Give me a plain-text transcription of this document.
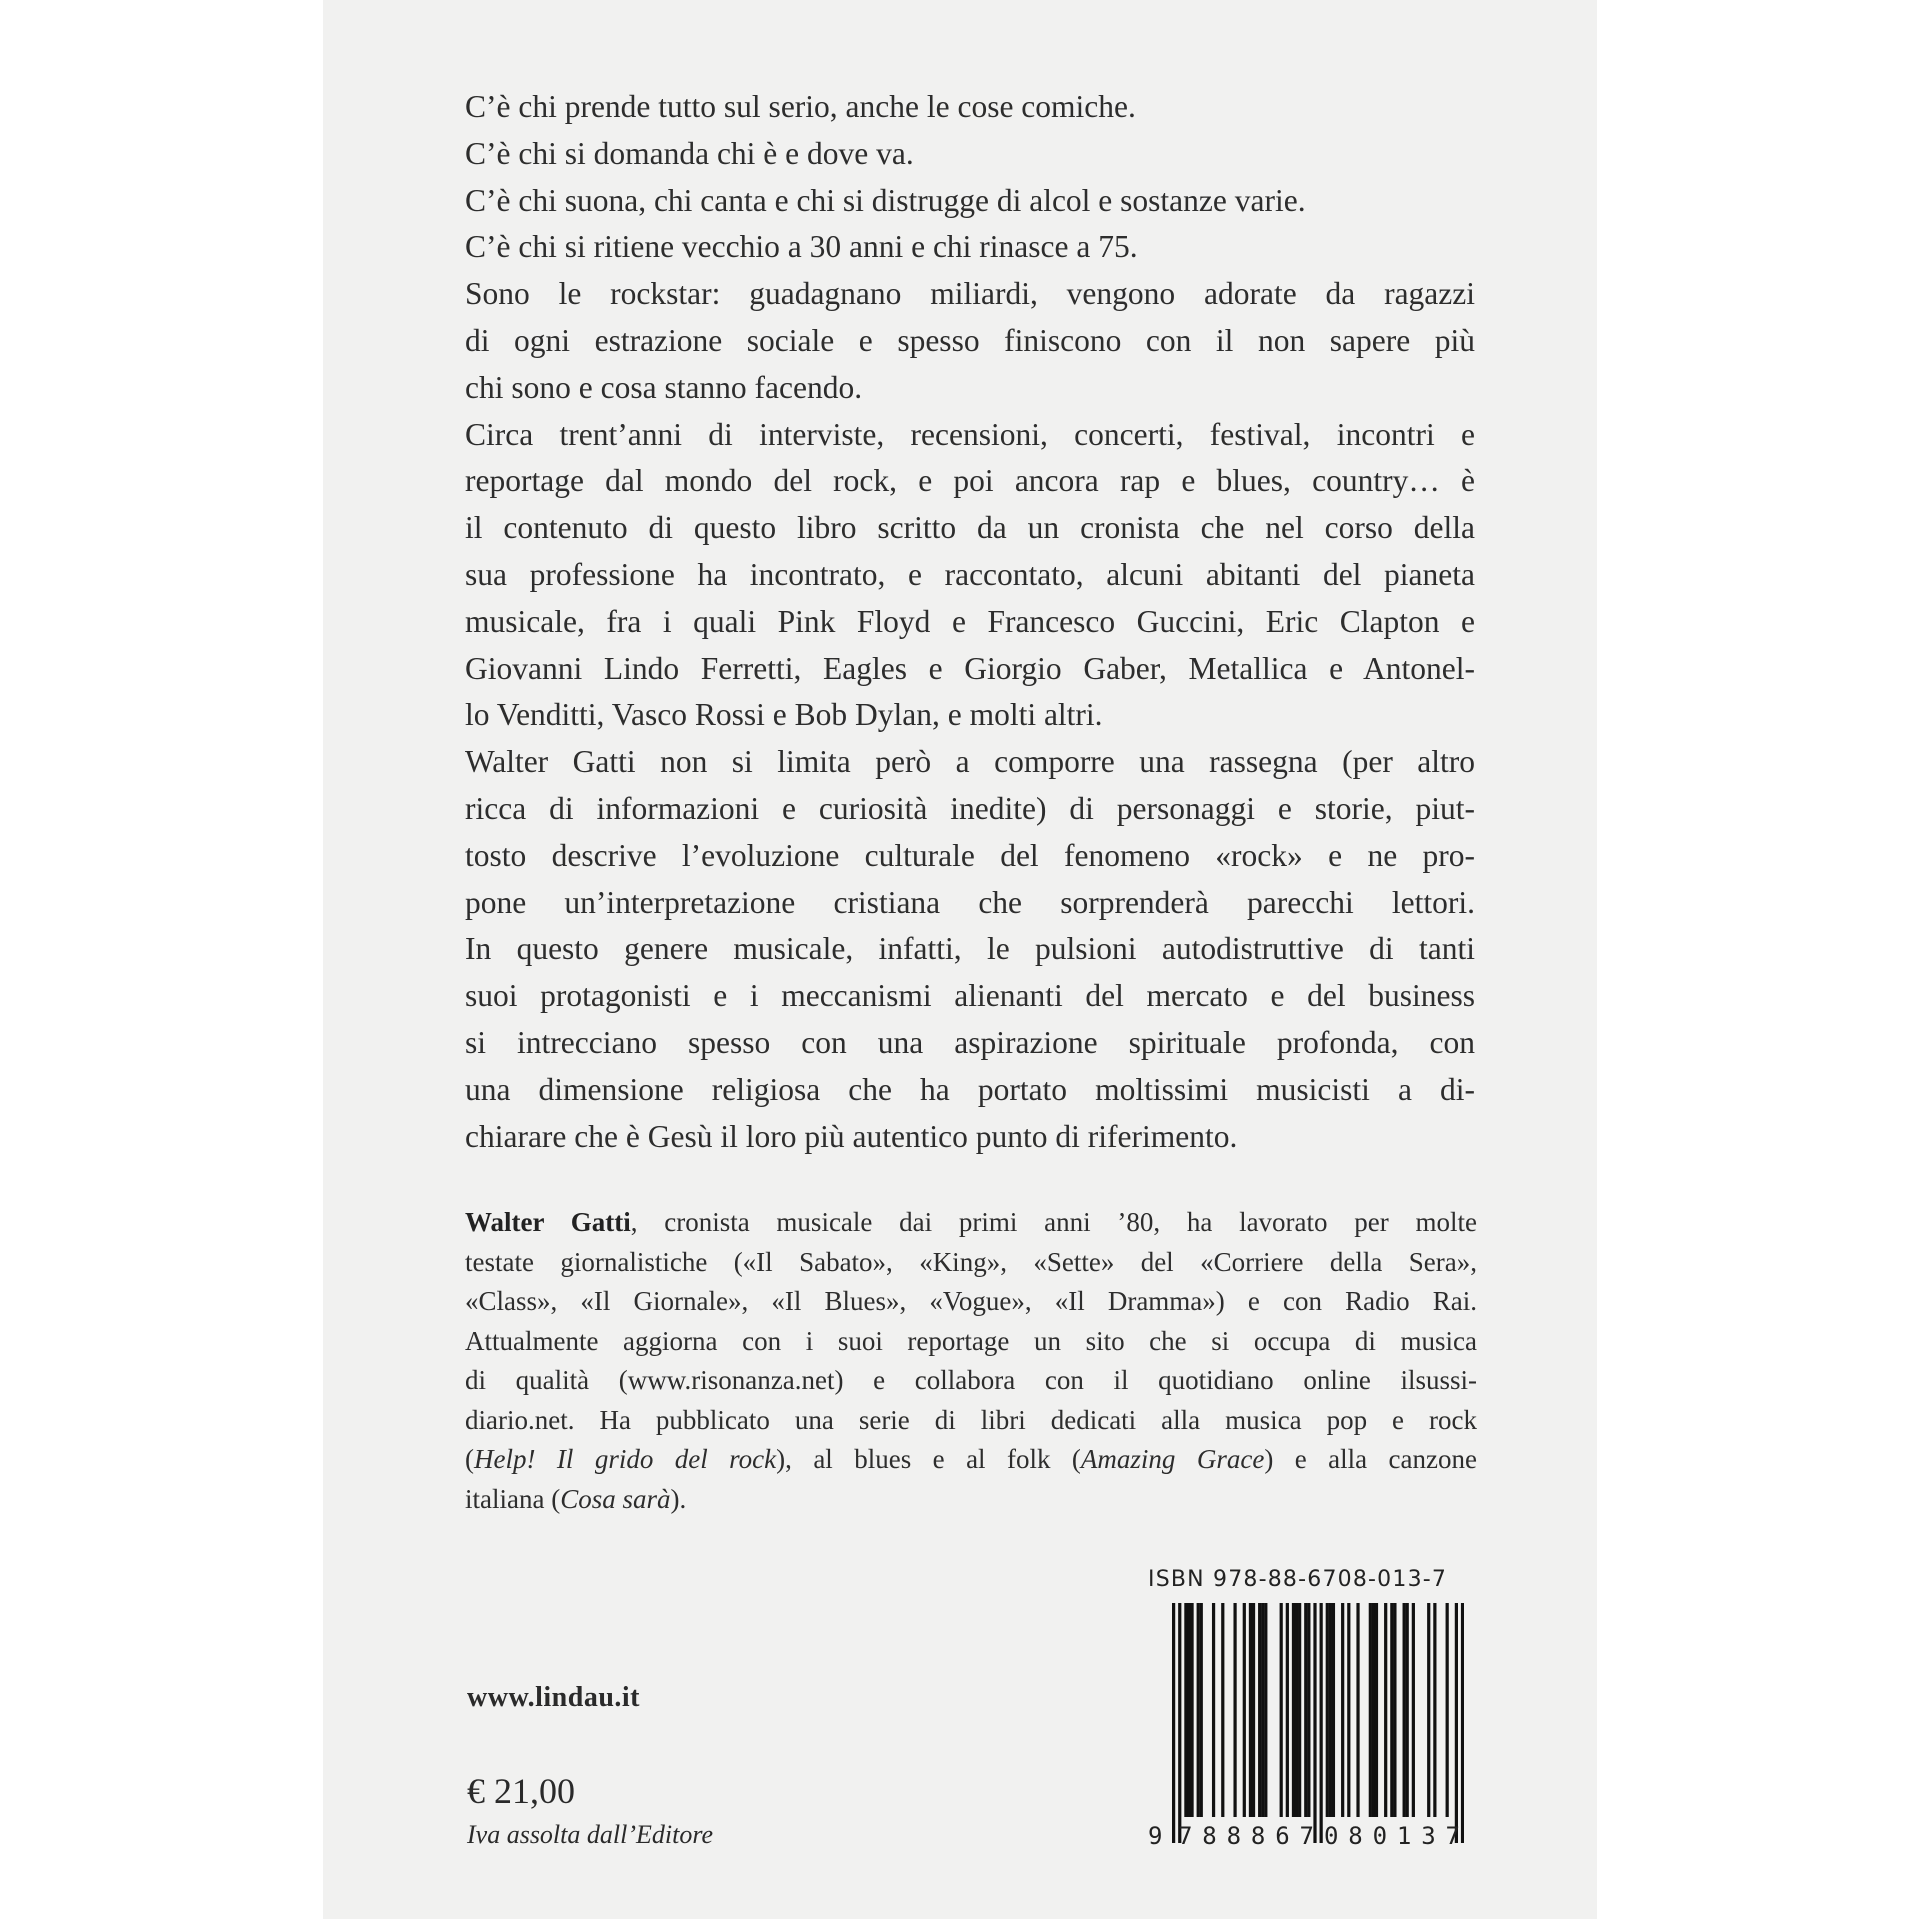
C’è chi prende tutto sul serio, anche le cose comiche.
C’è chi si domanda chi è e dove va.
C’è chi suona, chi canta e chi si distrugge di alcol e sostanze varie.
C’è chi si ritiene vecchio a 30 anni e chi rinasce a 75.
Sono le rockstar: guadagnano miliardi, vengono adorate da ragazzi
di ogni estrazione sociale e spesso finiscono con il non sapere più
chi sono e cosa stanno facendo.
Circa trent’anni di interviste, recensioni, concerti, festival, incontri e
reportage dal mondo del rock, e poi ancora rap e blues, country… è
il contenuto di questo libro scritto da un cronista che nel corso della
sua professione ha incontrato, e raccontato, alcuni abitanti del pianeta
musicale, fra i quali Pink Floyd e Francesco Guccini, Eric Clapton e
Giovanni Lindo Ferretti, Eagles e Giorgio Gaber, Metallica e Antonel-
lo Venditti, Vasco Rossi e Bob Dylan, e molti altri.
Walter Gatti non si limita però a comporre una rassegna (per altro
ricca di informazioni e curiosità inedite) di personaggi e storie, piut-
tosto descrive l’evoluzione culturale del fenomeno «rock» e ne pro-
pone un’interpretazione cristiana che sorprenderà parecchi lettori.
In questo genere musicale, infatti, le pulsioni autodistruttive di tanti
suoi protagonisti e i meccanismi alienanti del mercato e del business
si intrecciano spesso con una aspirazione spirituale profonda, con
una dimensione religiosa che ha portato moltissimi musicisti a di-
chiarare che è Gesù il loro più autentico punto di riferimento.

Walter Gatti, cronista musicale dai primi anni ’80, ha lavorato per molte
testate giornalistiche («Il Sabato», «King», «Sette» del «Corriere della Sera»,
«Class», «Il Giornale», «Il Blues», «Vogue», «Il Dramma») e con Radio Rai.
Attualmente aggiorna con i suoi reportage un sito che si occupa di musica
di qualità (www.risonanza.net) e collabora con il quotidiano online ilsussi-
diario.net. Ha pubblicato una serie di libri dedicati alla musica pop e rock
(Help! Il grido del rock), al blues e al folk (Amazing Grace) e alla canzone
italiana (Cosa sarà).
ISBN 978-88-6708-013-7
9 788867 080137
www.lindau.it
€ 21,00
Iva assolta dall’Editore
